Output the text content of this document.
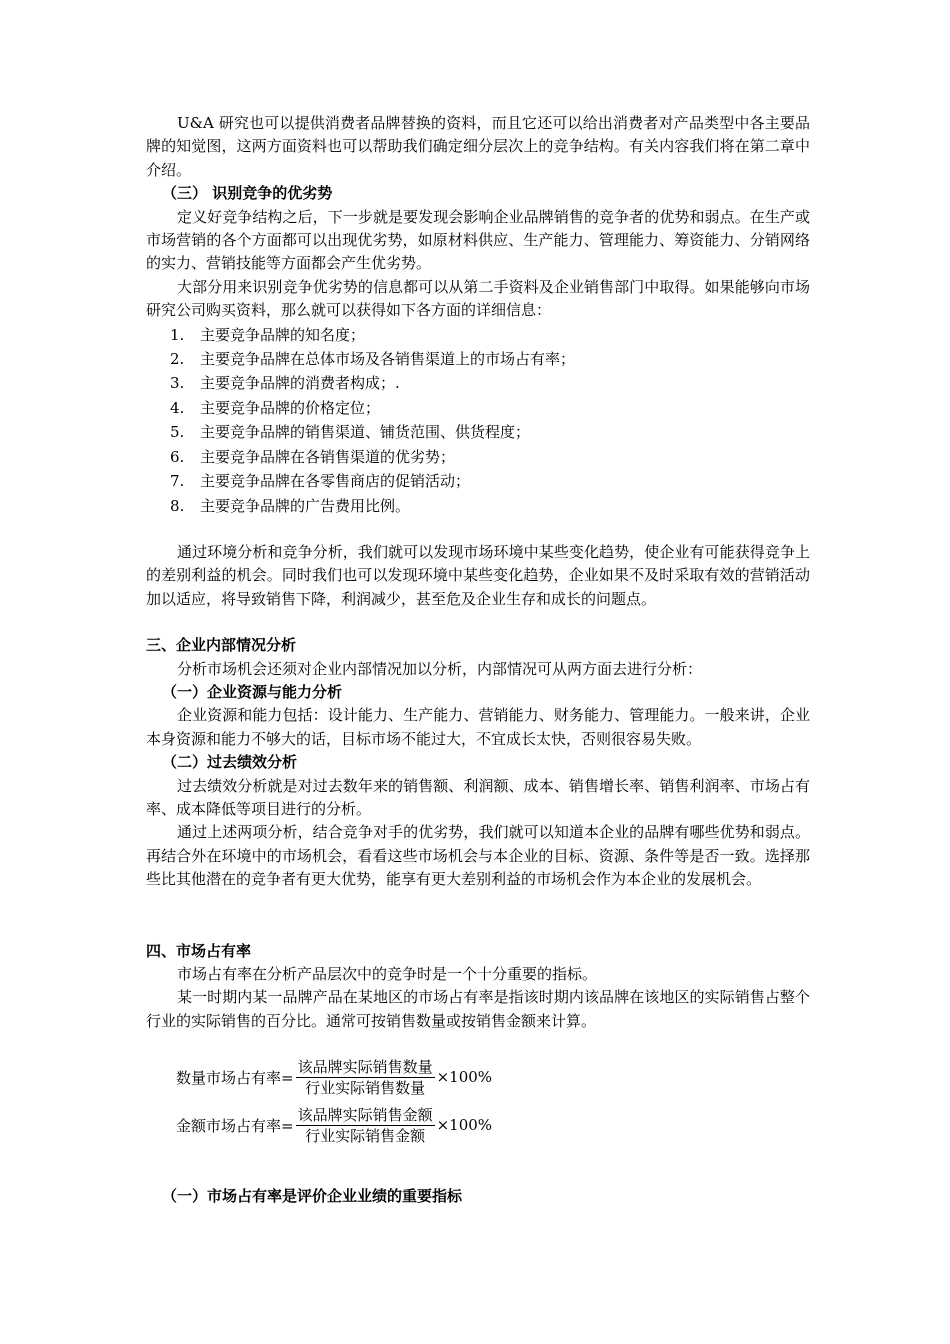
U&A 研究也可以提供消费者品牌替换的资料，而且它还可以给出消费者对产品类型中各主要品牌的知觉图，这两方面资料也可以帮助我们确定细分层次上的竞争结构。有关内容我们将在第二章中介绍。

（三） 识别竞争的优劣势

定义好竞争结构之后，下一步就是要发现会影响企业品牌销售的竞争者的优势和弱点。在生产或市场营销的各个方面都可以出现优劣势，如原材料供应、生产能力、管理能力、筹资能力、分销网络的实力、营销技能等方面都会产生优劣势。

大部分用来识别竞争优劣势的信息都可以从第二手资料及企业销售部门中取得。如果能够向市场研究公司购买资料，那么就可以获得如下各方面的详细信息：

1.	主要竞争品牌的知名度；
2.	主要竞争品牌在总体市场及各销售渠道上的市场占有率；
3.	主要竞争品牌的消费者构成；.
4.	主要竞争品牌的价格定位；
5.	主要竞争品牌的销售渠道、铺货范围、供货程度；
6.	主要竞争品牌在各销售渠道的优劣势；
7.	主要竞争品牌在各零售商店的促销活动；
8.	主要竞争品牌的广告费用比例。

通过环境分析和竞争分析，我们就可以发现市场环境中某些变化趋势，使企业有可能获得竞争上的差别利益的机会。同时我们也可以发现环境中某些变化趋势，企业如果不及时采取有效的营销活动加以适应，将导致销售下降，利润减少，甚至危及企业生存和成长的问题点。

三、企业内部情况分析

分析市场机会还须对企业内部情况加以分析，内部情况可从两方面去进行分析：

（一）企业资源与能力分析

企业资源和能力包括：设计能力、生产能力、营销能力、财务能力、管理能力。一般来讲，企业本身资源和能力不够大的话，目标市场不能过大，不宜成长太快，否则很容易失败。

（二）过去绩效分析

过去绩效分析就是对过去数年来的销售额、利润额、成本、销售增长率、销售利润率、市场占有率、成本降低等项目进行的分析。

通过上述两项分析，结合竞争对手的优劣势，我们就可以知道本企业的品牌有哪些优势和弱点。再结合外在环境中的市场机会，看看这些市场机会与本企业的目标、资源、条件等是否一致。选择那些比其他潜在的竞争者有更大优势，能享有更大差别利益的市场机会作为本企业的发展机会。

四、市场占有率

市场占有率在分析产品层次中的竞争时是一个十分重要的指标。

某一时期内某一品牌产品在某地区的市场占有率是指该时期内该品牌在该地区的实际销售占整个行业的实际销售的百分比。通常可按销售数量或按销售金额来计算。

数量市场占有率= $\frac{\text{该品牌实际销售数量}}{\text{行业实际销售数量}} \times 100\%$
金额市场占有率= $\frac{\text{该品牌实际销售金额}}{\text{行业实际销售金额}} \times 100\%$
（一）市场占有率是评价企业业绩的重要指标
